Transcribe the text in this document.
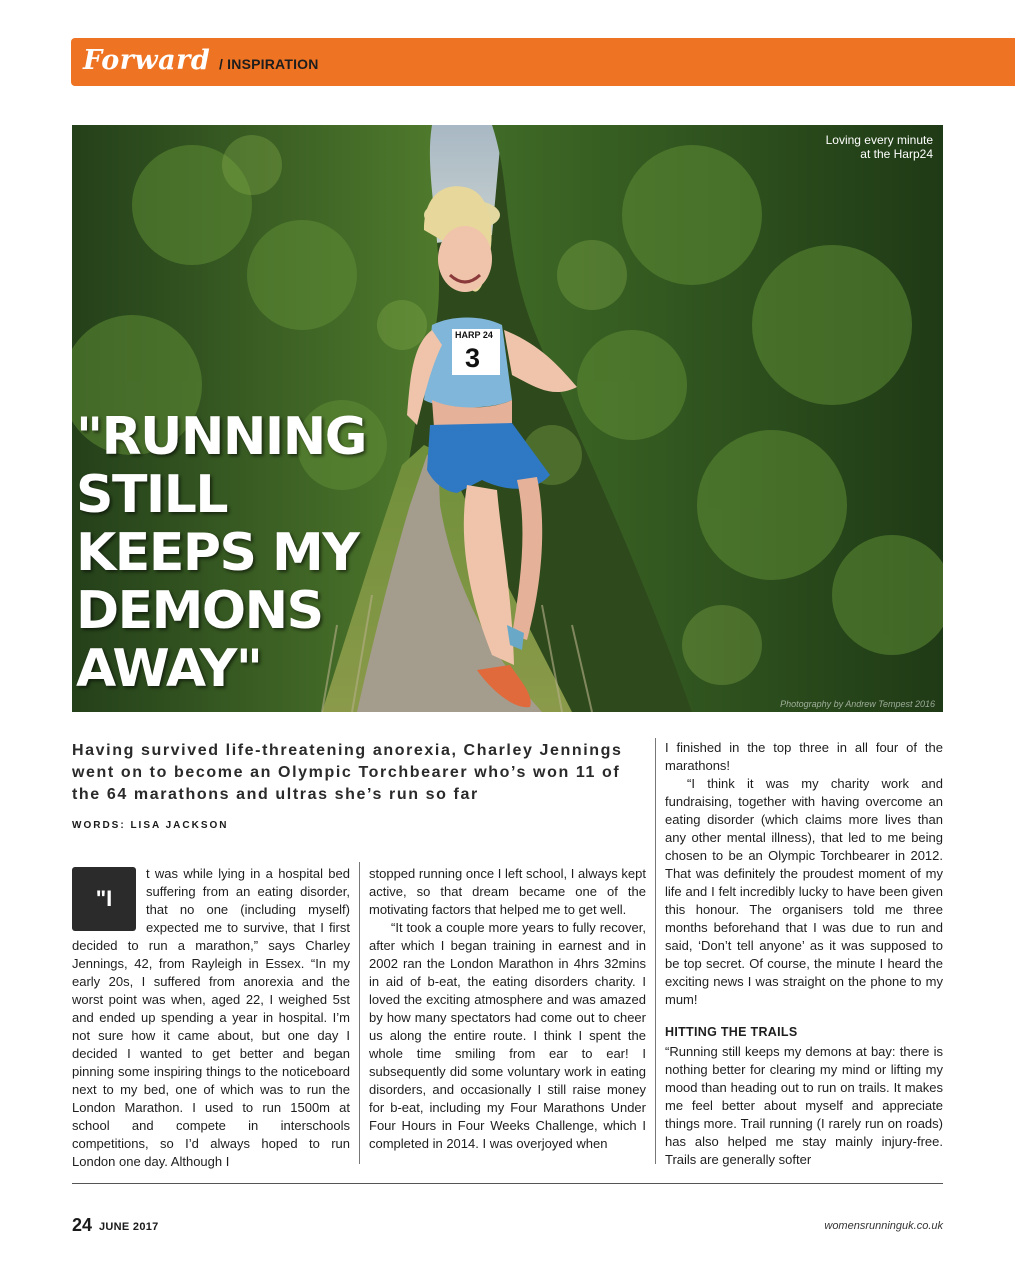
Forward / INSPIRATION
HARP 24
3
Loving every minute at the Harp24
Photography by Andrew Tempest 2016
"RUNNING
STILL
KEEPS MY
DEMONS
AWAY"
Having survived life-threatening anorexia, Charley Jennings went on to become an Olympic Torchbearer who’s won 11 of the 64 marathons and ultras she’s run so far
WORDS: LISA JACKSON
"I

t was while lying in a hospital bed suffering from an eating disorder, that no one (including myself) expected me to survive, that I first decided to run a marathon,” says Charley Jennings, 42, from Rayleigh in Essex. “In my early 20s, I suffered from anorexia and the worst point was when, aged 22, I weighed 5st and ended up spending a year in hospital. I’m not sure how it came about, but one day I decided I wanted to get better and began pinning some inspiring things to the noticeboard next to my bed, one of which was to run the London Marathon. I used to run 1500m at school and compete in interschools competitions, so I’d always hoped to run London one day. Although I

stopped running once I left school, I always kept active, so that dream became one of the motivating factors that helped me to get well.

“It took a couple more years to fully recover, after which I began training in earnest and in 2002 ran the London Marathon in 4hrs 32mins in aid of b-eat, the eating disorders charity. I loved the exciting atmosphere and was amazed by how many spectators had come out to cheer us along the entire route. I think I spent the whole time smiling from ear to ear! I subsequently did some voluntary work in eating disorders, and occasionally I still raise money for b-eat, including my Four Marathons Under Four Hours in Four Weeks Challenge, which I completed in 2014. I was overjoyed when

I finished in the top three in all four of the marathons!

“I think it was my charity work and fundraising, together with having overcome an eating disorder (which claims more lives than any other mental illness), that led to me being chosen to be an Olympic Torchbearer in 2012. That was definitely the proudest moment of my life and I felt incredibly lucky to have been given this honour. The organisers told me three months beforehand that I was due to run and said, ‘Don’t tell anyone’ as it was supposed to be top secret. Of course, the minute I heard the exciting news I was straight on the phone to my mum!

HITTING THE TRAILS

“Running still keeps my demons at bay: there is nothing better for clearing my mind or lifting my mood than heading out to run on trails. It makes me feel better about myself and appreciate things more. Trail running (I rarely run on roads) has also helped me stay mainly injury-free. Trails are generally softer

24 JUNE 2017	womensrunninguk.co.uk
